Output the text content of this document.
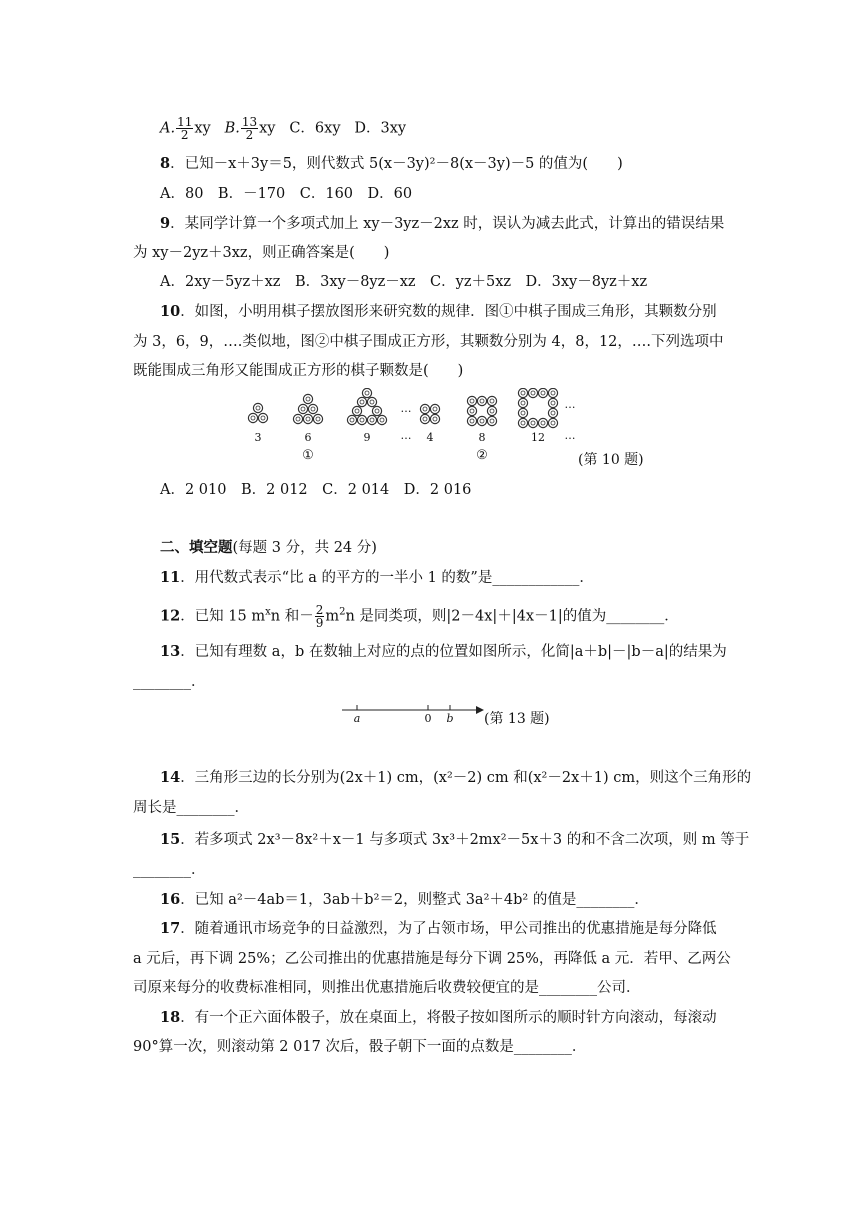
A. $\frac{11}{2}$ xy B. $\frac{13}{2}$ xy C．6xy D．3xy
8．已知－x＋3y＝5，则代数式 5(x－3y)²－8(x－3y)－5 的值为(　　)
A．80　B．－170　C．160　D．60
9．某同学计算一个多项式加上 xy－3yz－2xz 时，误认为减去此式，计算出的错误结果
为 xy－2yz＋3xz，则正确答案是(　　)
A．2xy－5yz＋xz　B．3xy－8yz－xz　C．yz＋5xz　D．3xy－8yz＋xz
10．如图，小明用棋子摆放图形来研究数的规律．图①中棋子围成三角形，其颗数分别
为 3，6，9，….类似地，图②中棋子围成正方形，其颗数分别为 4，8，12，….下列选项中
既能围成三角形又能围成正方形的棋子颗数是(　　)
…	…
3	6	9	…	4	8	12	…
①	②	(第 10 题)
A．2 010　B．2 012　C．2 014　D．2 016
二、填空题(每题 3 分，共 24 分)
11．用代数式表示“比 a 的平方的一半小 1 的数”是____________．
12．已知 15 $m^xn$ 和－ $\frac{2}{9} m^2n$ 是同类项，则|2－4x|＋|4x－1|的值为________．
13．已知有理数 a，b 在数轴上对应的点的位置如图所示，化简|a＋b|－|b－a|的结果为
________．
a	0	b	(第 13 题)
14．三角形三边的长分别为(2x＋1) cm，(x²－2) cm 和(x²－2x＋1) cm，则这个三角形的
周长是________．
15．若多项式 2x³－8x²＋x－1 与多项式 3x³＋2mx²－5x＋3 的和不含二次项，则 m 等于
________．
16．已知 a²－4ab＝1，3ab＋b²＝2，则整式 3a²＋4b² 的值是________．
17．随着通讯市场竞争的日益激烈，为了占领市场，甲公司推出的优惠措施是每分降低
a 元后，再下调 25%；乙公司推出的优惠措施是每分下调 25%，再降低 a 元．若甲、乙两公
司原来每分的收费标准相同，则推出优惠措施后收费较便宜的是________公司．
18．有一个正六面体骰子，放在桌面上，将骰子按如图所示的顺时针方向滚动，每滚动
90°算一次，则滚动第 2 017 次后，骰子朝下一面的点数是________．
